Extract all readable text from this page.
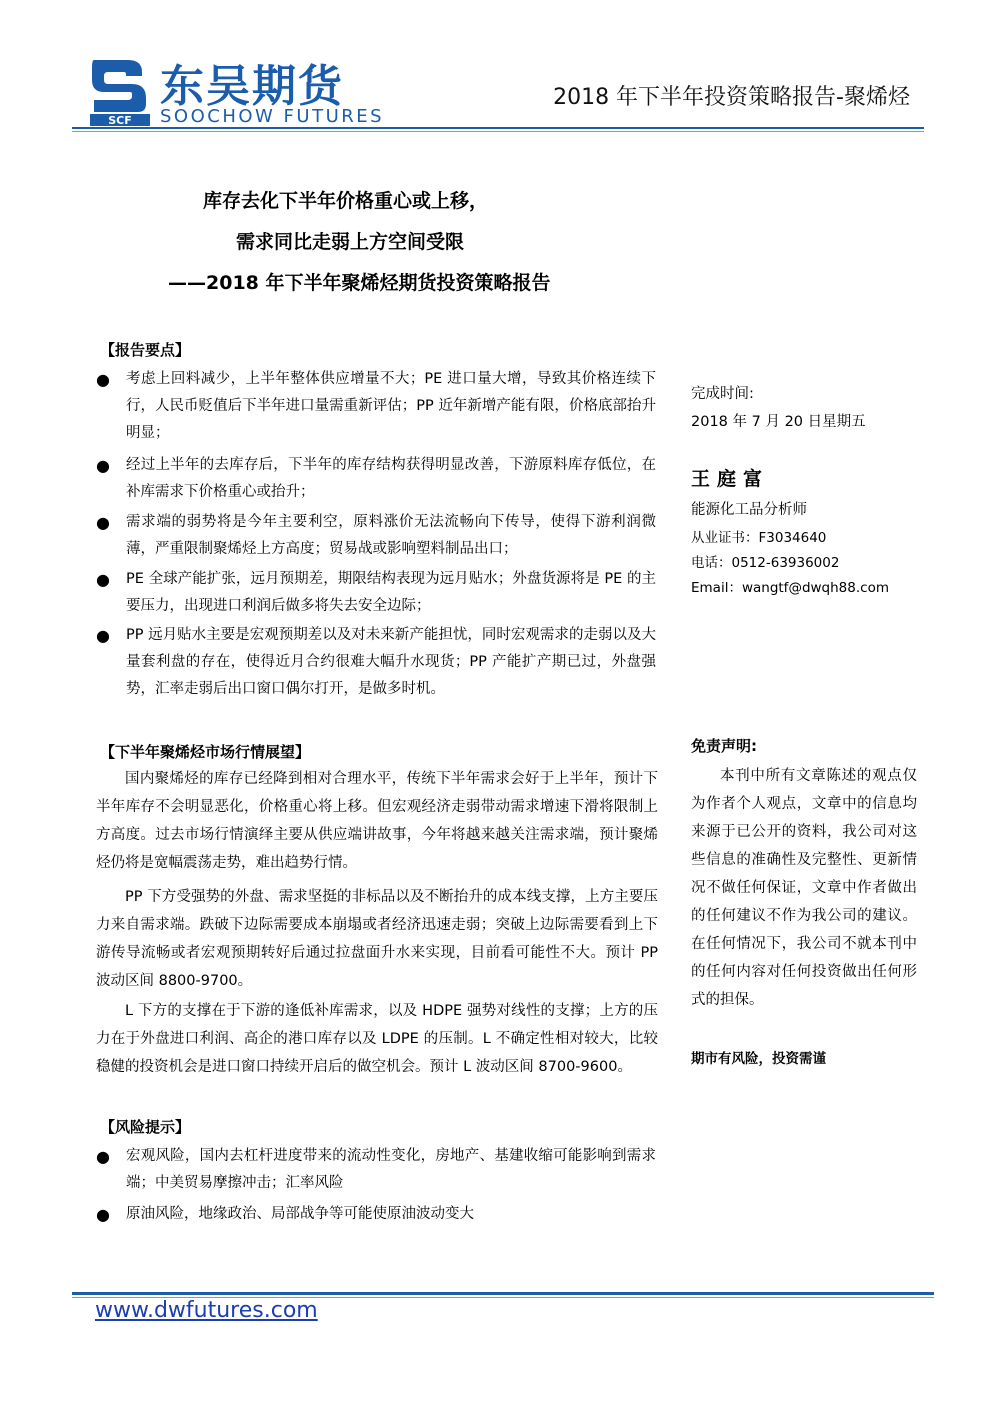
SCF
东吴期货
SOOCHOW FUTURES
2018 年下半年投资策略报告-聚烯烃
库存去化下半年价格重心或上移，
需求同比走弱上方空间受限
——2018 年下半年聚烯烃期货投资策略报告
【报告要点】
●	考虑上回料减少，上半年整体供应增量不大；PE 进口量大增，导致其价格连续下行，人民币贬值后下半年进口量需重新评估；PP 近年新增产能有限，价格底部抬升明显；
●	经过上半年的去库存后，下半年的库存结构获得明显改善，下游原料库存低位，在补库需求下价格重心或抬升；
●	需求端的弱势将是今年主要利空，原料涨价无法流畅向下传导，使得下游利润微薄，严重限制聚烯烃上方高度；贸易战或影响塑料制品出口；
●	PE 全球产能扩张，远月预期差，期限结构表现为远月贴水；外盘货源将是 PE 的主要压力，出现进口利润后做多将失去安全边际；
●	PP 远月贴水主要是宏观预期差以及对未来新产能担忧，同时宏观需求的走弱以及大量套利盘的存在，使得近月合约很难大幅升水现货；PP 产能扩产期已过，外盘强势，汇率走弱后出口窗口偶尔打开，是做多时机。
【下半年聚烯烃市场行情展望】
国内聚烯烃的库存已经降到相对合理水平，传统下半年需求会好于上半年，预计下半年库存不会明显恶化，价格重心将上移。但宏观经济走弱带动需求增速下滑将限制上方高度。过去市场行情演绎主要从供应端讲故事，今年将越来越关注需求端，预计聚烯烃仍将是宽幅震荡走势，难出趋势行情。
PP 下方受强势的外盘、需求坚挺的非标品以及不断抬升的成本线支撑，上方主要压力来自需求端。跌破下边际需要成本崩塌或者经济迅速走弱；突破上边际需要看到上下游传导流畅或者宏观预期转好后通过拉盘面升水来实现，目前看可能性不大。预计 PP 波动区间 8800-9700。
L 下方的支撑在于下游的逢低补库需求，以及 HDPE 强势对线性的支撑；上方的压力在于外盘进口利润、高企的港口库存以及 LDPE 的压制。L 不确定性相对较大，比较稳健的投资机会是进口窗口持续开启后的做空机会。预计 L 波动区间 8700-9600。
【风险提示】
●	宏观风险，国内去杠杆进度带来的流动性变化，房地产、基建收缩可能影响到需求端；中美贸易摩擦冲击；汇率风险
●	原油风险，地缘政治、局部战争等可能使原油波动变大
完成时间:
2018 年 7 月 20 日星期五
王庭富
能源化工品分析师
从业证书：F3034640
电话：0512-63936002
Email：wangtf@dwqh88.com
免责声明:
本刊中所有文章陈述的观点仅为作者个人观点，文章中的信息均来源于已公开的资料，我公司对这些信息的准确性及完整性、更新情况不做任何保证，文章中作者做出的任何建议不作为我公司的建议。在任何情况下，我公司不就本刊中的任何内容对任何投资做出任何形式的担保。
期市有风险，投资需谨
www.dwfutures.com
